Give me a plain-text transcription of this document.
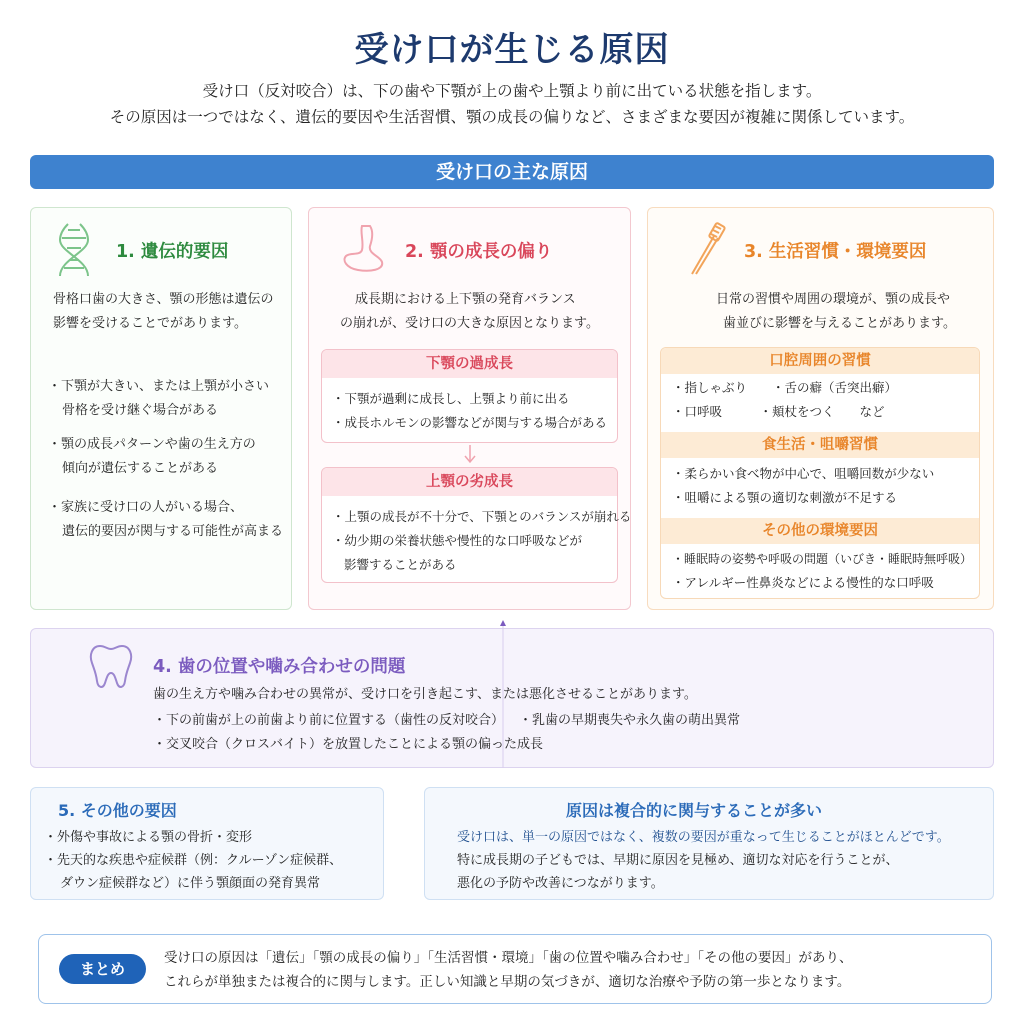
受け口が生じる原因
受け口（反対咬合）は、下の歯や下顎が上の歯や上顎より前に出ている状態を指します。
その原因は一つではなく、遺伝的要因や生活習慣、顎の成長の偏りなど、さまざまな要因が複雑に関係しています。
受け口の主な原因
1. 遺伝的要因
骨格口歯の大きさ、顎の形態は遺伝の
影響を受けることでがあります。
・下顎が大きい、または上顎が小さい
骨格を受け継ぐ場合がある
・顎の成長パターンや歯の生え方の
傾向が遺伝することがある
・家族に受け口の人がいる場合、
遺伝的要因が関与する可能性が高まる
2. 顎の成長の偏り
成長期における上下顎の発育バランス
の崩れが、受け口の大きな原因となります。
下顎の過成長
・下顎が過剰に成長し、上顎より前に出る
・成長ホルモンの影響などが関与する場合がある
上顎の劣成長
・上顎の成長が不十分で、下顎とのバランスが崩れる
・幼少期の栄養状態や慢性的な口呼吸などが
影響することがある
3. 生活習慣・環境要因
日常の習慣や周囲の環境が、顎の成長や
歯並びに影響を与えることがあります。
口腔周囲の習慣
・指しゃぶり　　・舌の癖（舌突出癖）
・口呼吸　　　・頬杖をつく　　など
食生活・咀嚼習慣
・柔らかい食べ物が中心で、咀嚼回数が少ない
・咀嚼による顎の適切な刺激が不足する
その他の環境要因
・睡眠時の姿勢や呼吸の問題（いびき・睡眠時無呼吸）
・アレルギー性鼻炎などによる慢性的な口呼吸
4. 歯の位置や噛み合わせの問題
歯の生え方や噛み合わせの異常が、受け口を引き起こす、または悪化させることがあります。
・下の前歯が上の前歯より前に位置する（歯性の反対咬合） ・乳歯の早期喪失や永久歯の萌出異常
・交叉咬合（クロスバイト）を放置したことによる顎の偏った成長
5. その他の要因
・外傷や事故による顎の骨折・変形
・先天的な疾患や症候群（例：クルーゾン症候群、
ダウン症候群など）に伴う顎顔面の発育異常
原因は複合的に関与することが多い
受け口は、単一の原因ではなく、複数の要因が重なって生じることがほとんどです。
特に成長期の子どもでは、早期に原因を見極め、適切な対応を行うことが、
悪化の予防や改善につながります。
まとめ
受け口の原因は「遺伝」「顎の成長の偏り」「生活習慣・環境」「歯の位置や噛み合わせ」「その他の要因」があり、
これらが単独または複合的に関与します。正しい知識と早期の気づきが、適切な治療や予防の第一歩となります。
